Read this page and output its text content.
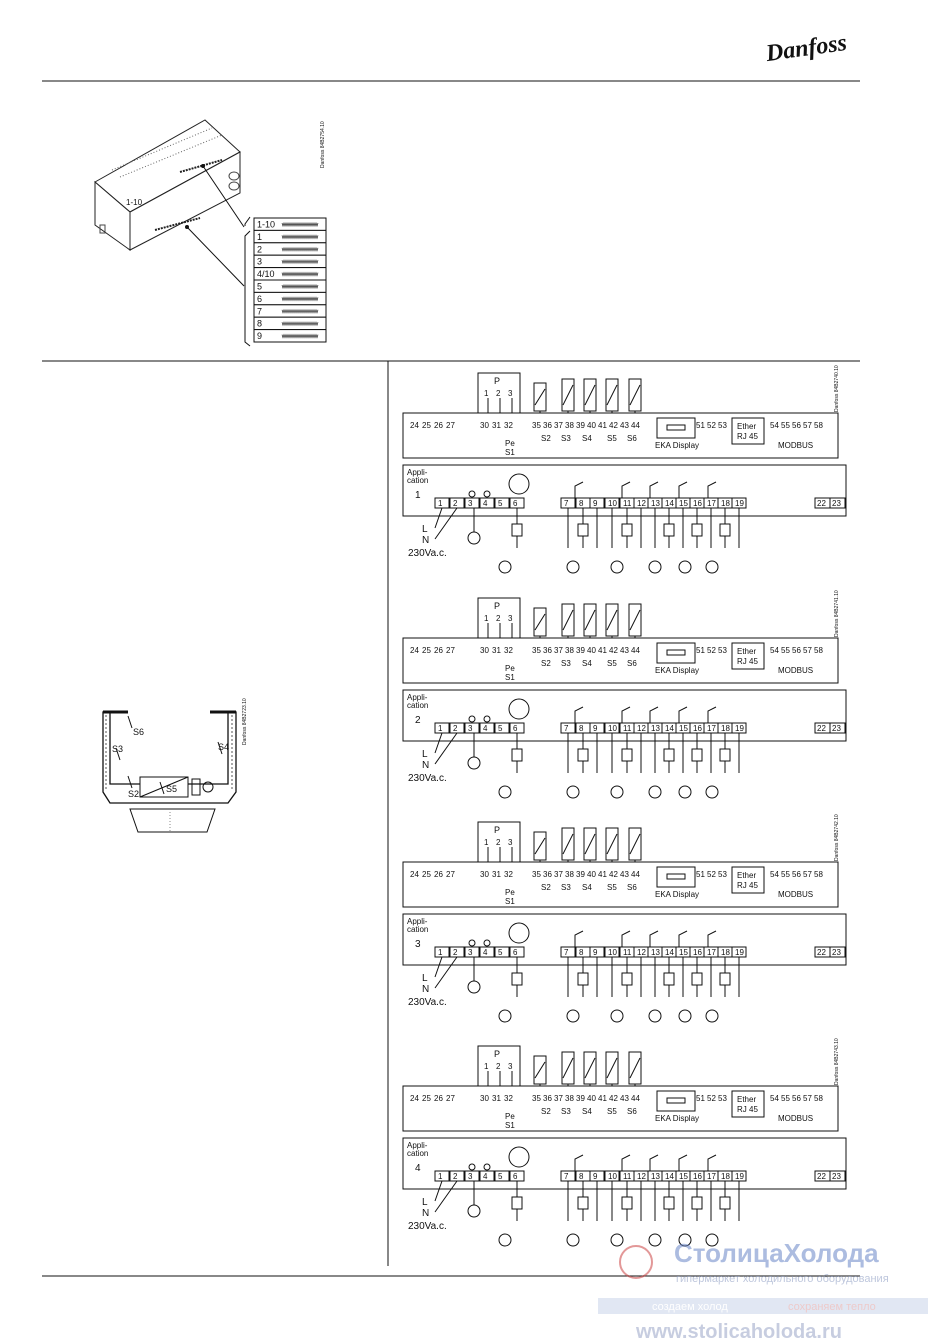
Danfoss
1-10
1-10
1
2
3
4/10
5
6
7
8
9
Danfoss 84B2754.10
S6
S3	S4
S2	S5
Danfoss 84B2723.10
P
1 2 3
24 25 26 27	30 31 32
Pe
S1
35 36 37 38 39 40 41 42 43 44
S2 S3 S4 S5 S6
EKA Display
51 52 53 Ether
RJ 45
54 55 56 57 58
MODBUS
Appli-
cation
1
1 2 3 4 5 6	7 8 9 10 11 12 13 14 15 16 17 18 19	22 23
L
N
230Va.c.
Danfoss 84B2740.10
P
1 2 3
24 25 26 27	30 31 32
Pe
S1
35 36 37 38 39 40 41 42 43 44
S2 S3 S4 S5 S6
EKA Display
51 52 53 Ether
RJ 45
54 55 56 57 58
MODBUS
Appli-
cation
2
1 2 3 4 5 6	7 8 9 10 11 12 13 14 15 16 17 18 19	22 23
L
N
230Va.c.
Danfoss 84B2741.10
P
1 2 3
24 25 26 27	30 31 32
Pe
S1
35 36 37 38 39 40 41 42 43 44
S2 S3 S4 S5 S6
EKA Display
51 52 53 Ether
RJ 45
54 55 56 57 58
MODBUS
Appli-
cation
3
1 2 3 4 5 6	7 8 9 10 11 12 13 14 15 16 17 18 19	22 23
L
N
230Va.c.
Danfoss 84B2742.10
P
1 2 3
24 25 26 27	30 31 32
Pe
S1
35 36 37 38 39 40 41 42 43 44
S2 S3 S4 S5 S6
EKA Display
51 52 53 Ether
RJ 45
54 55 56 57 58
MODBUS
Appli-
cation
4
1 2 3 4 5 6	7 8 9 10 11 12 13 14 15 16 17 18 19	22 23
L
N
230Va.c.
Danfoss 84B2743.10
СтолицаХолода
гипермаркет холодильного оборудования
создаем холод	сохраняем тепло
www.stolicaholoda.ru
